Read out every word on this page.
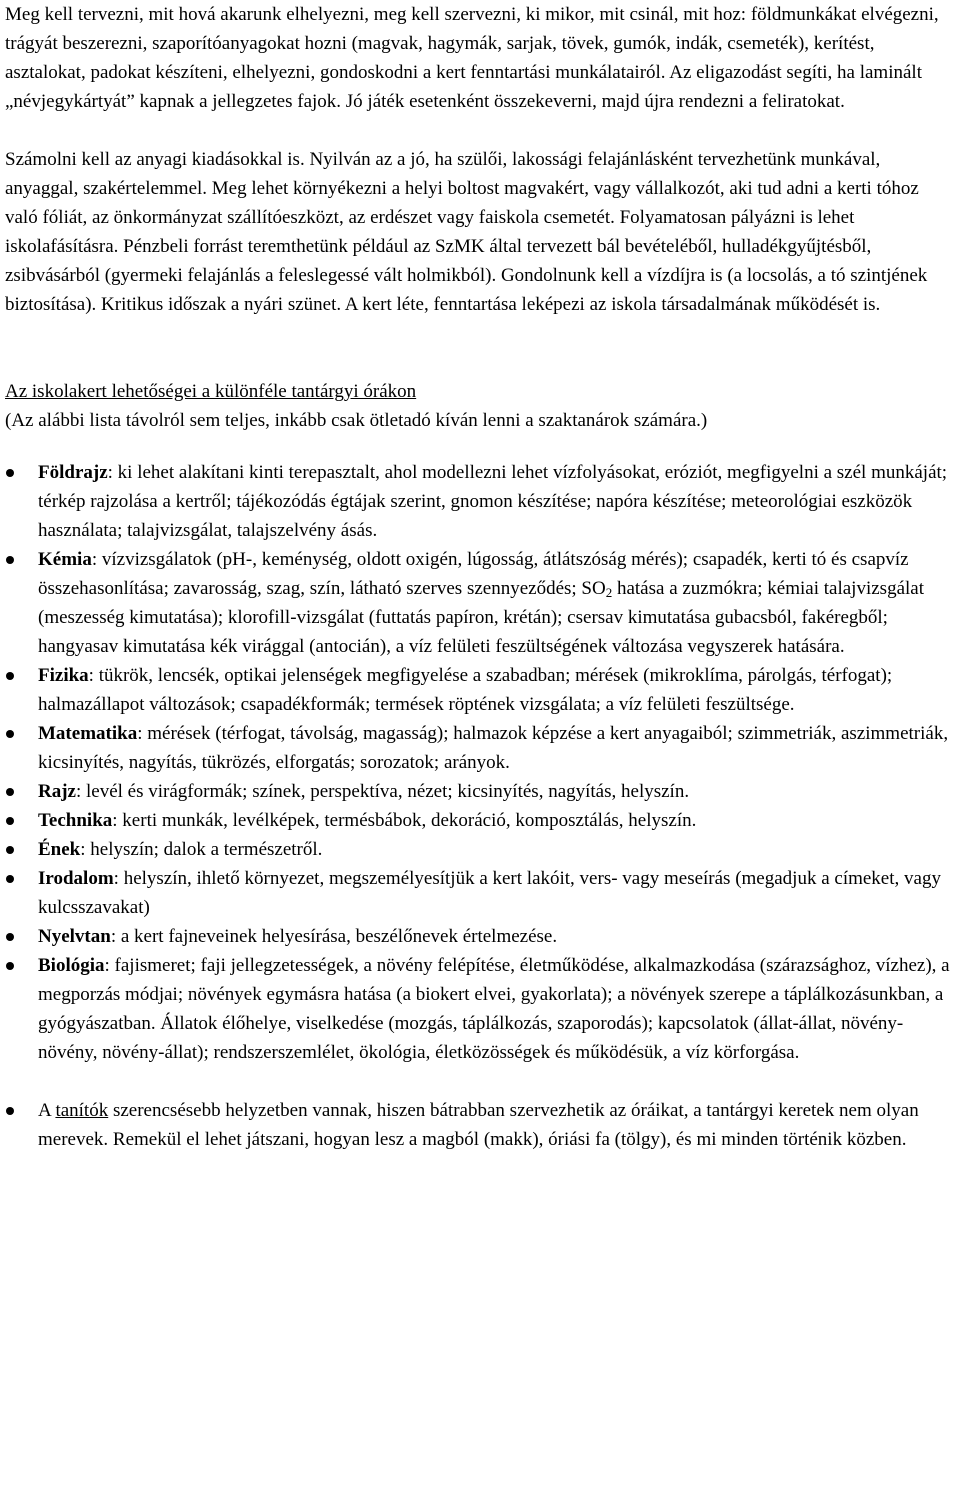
Meg kell tervezni, mit hová akarunk elhelyezni, meg kell szervezni, ki mikor, mit csinál, mit hoz: földmunkákat elvégezni, trágyát beszerezni, szaporítóanyagokat hozni (magvak, hagymák, sarjak, tövek, gumók, indák, csemeték), kerítést, asztalokat, padokat készíteni, elhelyezni, gondoskodni a kert fenntartási munkálatairól. Az eligazodást segíti, ha laminált „névjegykártyát” kapnak a jellegzetes fajok. Jó játék esetenként összekeverni, majd újra rendezni a feliratokat.

Számolni kell az anyagi kiadásokkal is. Nyilván az a jó, ha szülői, lakossági felajánlásként tervezhetünk munkával, anyaggal, szakértelemmel. Meg lehet környékezni a helyi boltost magvakért, vagy vállalkozót, aki tud adni a kerti tóhoz való fóliát, az önkormányzat szállítóeszközt, az erdészet vagy faiskola csemetét. Folyamatosan pályázni is lehet iskolafásításra. Pénzbeli forrást teremthetünk például az SzMK által tervezett bál bevételéből, hulladékgyűjtésből, zsibvásárból (gyermeki felajánlás a feleslegessé vált holmikból). Gondolnunk kell a vízdíjra is (a locsolás, a tó szintjének biztosítása). Kritikus időszak a nyári szünet. A kert léte, fenntartása leképezi az iskola társadalmának működését is.

Az iskolakert lehetőségei a különféle tantárgyi órákon

(Az alábbi lista távolról sem teljes, inkább csak ötletadó kíván lenni a szaktanárok számára.)

Földrajz: ki lehet alakítani kinti terepasztalt, ahol modellezni lehet vízfolyásokat, eróziót, megfigyelni a szél munkáját; térkép rajzolása a kertről; tájékozódás égtájak szerint, gnomon készítése; napóra készítése; meteorológiai eszközök használata; talajvizsgálat, talajszelvény ásás.
Kémia: vízvizsgálatok (pH-, keménység, oldott oxigén, lúgosság, átlátszóság mérés); csapadék, kerti tó és csapvíz összehasonlítása; zavarosság, szag, szín, látható szerves szennyeződés; $SO_2$ hatása a zuzmókra; kémiai talajvizsgálat (meszesség kimutatása); klorofill-vizsgálat (futtatás papíron, krétán); csersav kimutatása gubacsból, fakéregből; hangyasav kimutatása kék virággal (antocián), a víz felületi feszültségének változása vegyszerek hatására.
Fizika: tükrök, lencsék, optikai jelenségek megfigyelése a szabadban; mérések (mikroklíma, párolgás, térfogat); halmazállapot változások; csapadékformák; termések röptének vizsgálata; a víz felületi feszültsége.
Matematika: mérések (térfogat, távolság, magasság); halmazok képzése a kert anyagaiból; szimmetriák, aszimmetriák, kicsinyítés, nagyítás, tükrözés, elforgatás; sorozatok; arányok.
Rajz: levél és virágformák; színek, perspektíva, nézet; kicsinyítés, nagyítás, helyszín.
Technika: kerti munkák, levélképek, termésbábok, dekoráció, komposztálás, helyszín.
Ének: helyszín; dalok a természetről.
Irodalom: helyszín, ihlető környezet, megszemélyesítjük a kert lakóit, vers- vagy meseírás (megadjuk a címeket, vagy kulcsszavakat)
Nyelvtan: a kert fajneveinek helyesírása, beszélőnevek értelmezése.
Biológia: fajismeret; faji jellegzetességek, a növény felépítése, életműködése, alkalmazkodása (szárazsághoz, vízhez), a megporzás módjai; növények egymásra hatása (a biokert elvei, gyakorlata); a növények szerepe a táplálkozásunkban, a gyógyászatban. Állatok élőhelye, viselkedése (mozgás, táplálkozás, szaporodás); kapcsolatok (állat-állat, növény-növény, növény-állat); rendszerszemlélet, ökológia, életközösségek és működésük, a víz körforgása.
A tanítók szerencsésebb helyzetben vannak, hiszen bátrabban szervezhetik az óráikat, a tantárgyi keretek nem olyan merevek. Remekül el lehet játszani, hogyan lesz a magból (makk), óriási fa (tölgy), és mi minden történik közben.
